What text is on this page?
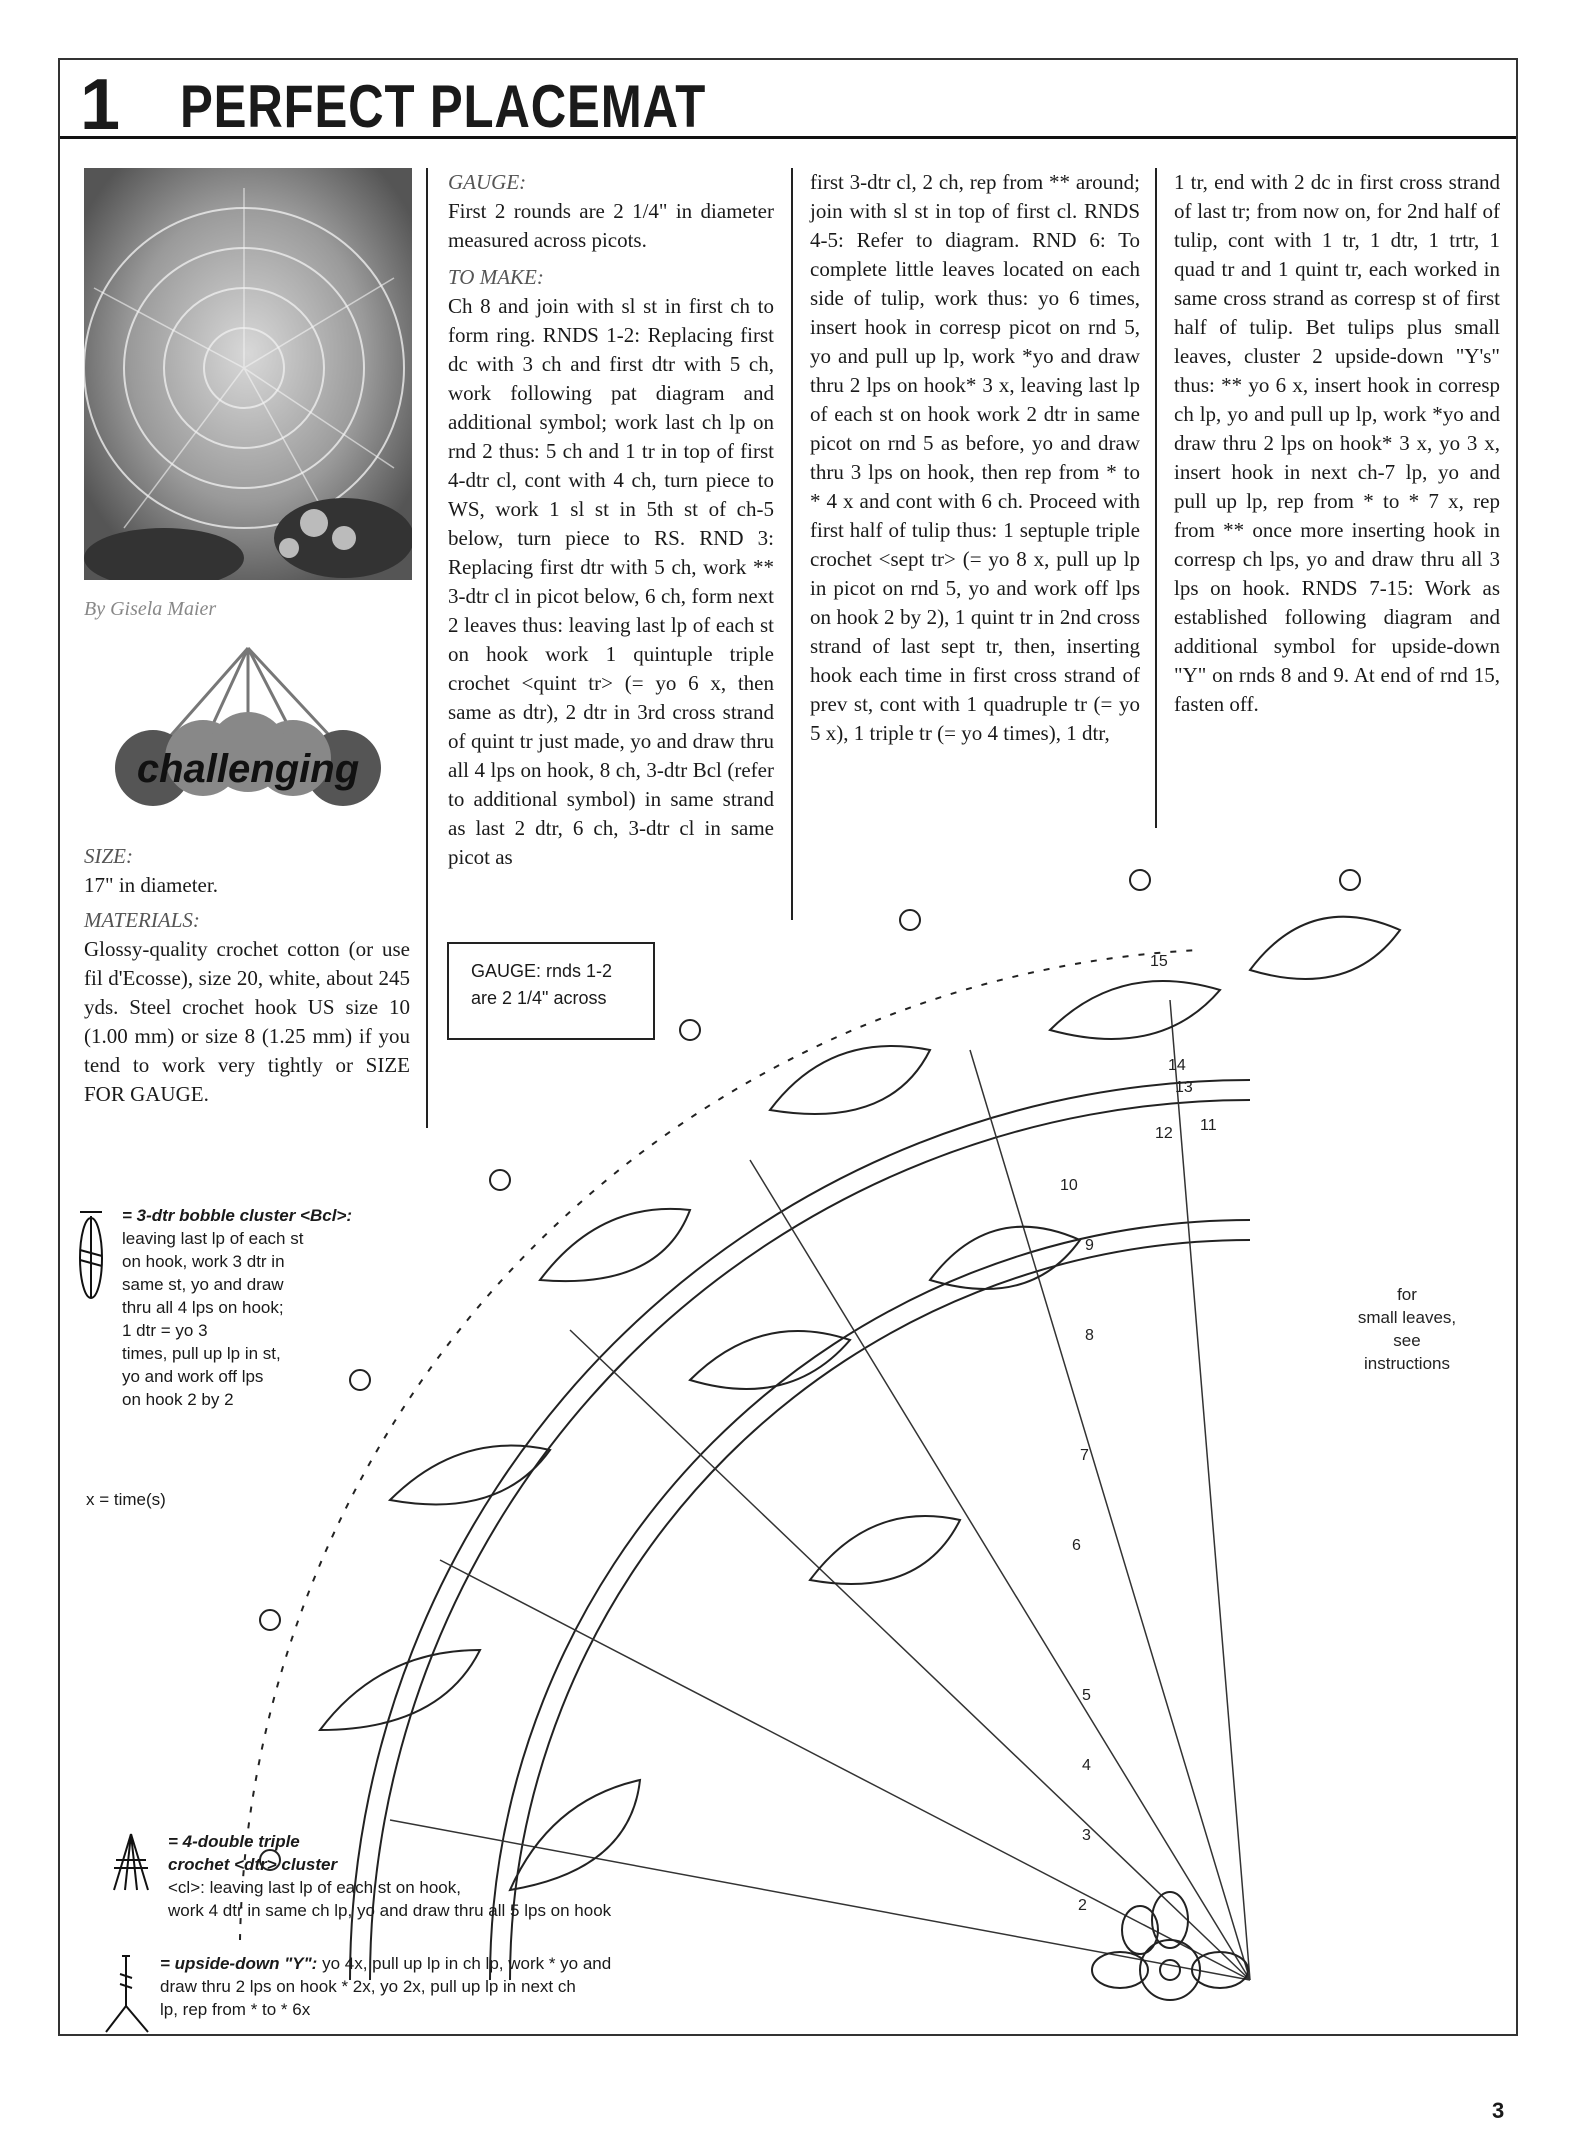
1 PERFECT PLACEMAT
By Gisela Maier
challenging

SIZE:

17" in diameter.

MATERIALS:

Glossy-quality crochet cotton (or use fil d'Ecosse), size 20, white, about 245 yds. Steel crochet hook US size 10 (1.00 mm) or size 8 (1.25 mm) if you tend to work very tightly or SIZE FOR GAUGE.

GAUGE:

First 2 rounds are 2 1/4" in diameter measured across picots.

TO MAKE:

Ch 8 and join with sl st in first ch to form ring. RNDS 1-2: Replacing first dc with 3 ch and first dtr with 5 ch, work following pat diagram and additional symbol; work last ch lp on rnd 2 thus: 5 ch and 1 tr in top of first 4-dtr cl, cont with 4 ch, turn piece to WS, work 1 sl st in 5th st of ch-5 below, turn piece to RS. RND 3: Replacing first dtr with 5 ch, work ** 3-dtr cl in picot below, 6 ch, form next 2 leaves thus: leaving last lp of each st on hook work 1 quintuple triple crochet <quint tr> (= yo 6 x, then same as dtr), 2 dtr in 3rd cross strand of quint tr just made, yo and draw thru all 4 lps on hook, 8 ch, 3-dtr Bcl (refer to additional symbol) in same strand as last 2 dtr, 6 ch, 3-dtr cl in same picot as

first 3-dtr cl, 2 ch, rep from ** around; join with sl st in top of first cl. RNDS 4-5: Refer to diagram. RND 6: To complete little leaves located on each side of tulip, work thus: yo 6 times, insert hook in corresp picot on rnd 5, yo and pull up lp, work *yo and draw thru 2 lps on hook* 3 x, leaving last lp of each st on hook work 2 dtr in same picot on rnd 5 as before, yo and draw thru 3 lps on hook, then rep from * to * 4 x and cont with 6 ch. Proceed with first half of tulip thus: 1 septuple triple crochet <sept tr> (= yo 8 x, pull up lp in picot on rnd 5, yo and work off lps on hook 2 by 2), 1 quint tr in 2nd cross strand of last sept tr, then, inserting hook each time in first cross strand of prev st, cont with 1 quadruple tr (= yo 5 x), 1 triple tr (= yo 4 times), 1 dtr,

1 tr, end with 2 dc in first cross strand of last tr; from now on, for 2nd half of tulip, cont with 1 tr, 1 dtr, 1 trtr, 1 quad tr and 1 quint tr, each worked in same cross strand as corresp st of first half of tulip. Bet tulips plus small leaves, cluster 2 upside-down "Y's" thus: ** yo 6 x, insert hook in corresp ch lp, yo and pull up lp, work *yo and draw thru 2 lps on hook* 3 x, yo 3 x, insert hook in next ch-7 lp, yo and pull up lp, rep from * to * 7 x, rep from ** once more inserting hook in corresp ch lps, yo and draw thru all 3 lps on hook. RNDS 7-15: Work as established following diagram and additional symbol for upside-down "Y" on rnds 8 and 9. At end of rnd 15, fasten off.

GAUGE: rnds 1-2
are 2 1/4" across
2
3
4
5
6
7
8
9
10
11
12
13
14
15
for
small leaves,
see
instructions
= 3-dtr bobble cluster <Bcl>:
leaving last lp of each st
on hook, work 3 dtr in
same st, yo and draw
thru all 4 lps on hook;
1 dtr = yo 3
times, pull up lp in st,
yo and work off lps
on hook 2 by 2
x = time(s)
= 4-double triple
crochet <dtr> cluster
<cl>: leaving last lp of each st on hook,
work 4 dtr in same ch lp, yo and draw thru all 5 lps on hook
= upside-down "Y": yo 4x, pull up lp in ch lp, work * yo and
draw thru 2 lps on hook * 2x, yo 2x, pull up lp in next ch
lp, rep from * to * 6x
3
